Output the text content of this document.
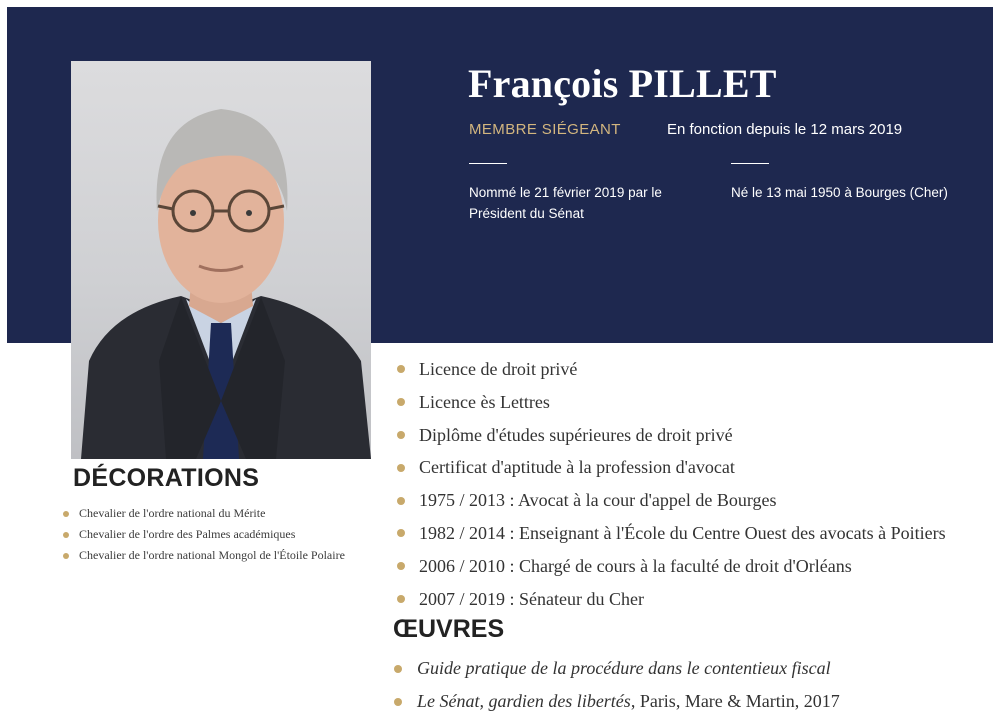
François PILLET
MEMBRE SIÉGEANT	En fonction depuis le 12 mars 2019
Nommé le 21 février 2019 par le
Président du Sénat
Né le 13 mai 1950 à Bourges (Cher)
DÉCORATIONS
Chevalier de l'ordre national du Mérite
Chevalier de l'ordre des Palmes académiques
Chevalier de l'ordre national Mongol de l'Étoile Polaire
Licence de droit privé
Licence ès Lettres
Diplôme d'études supérieures de droit privé
Certificat d'aptitude à la profession d'avocat
1975 / 2013 : Avocat à la cour d'appel de Bourges
1982 / 2014 : Enseignant à l'École du Centre Ouest des avocats à Poitiers
2006 / 2010 : Chargé de cours à la faculté de droit d'Orléans
2007 / 2019 : Sénateur du Cher
ŒUVRES
Guide pratique de la procédure dans le contentieux fiscal
Le Sénat, gardien des libertés, Paris, Mare & Martin, 2017
